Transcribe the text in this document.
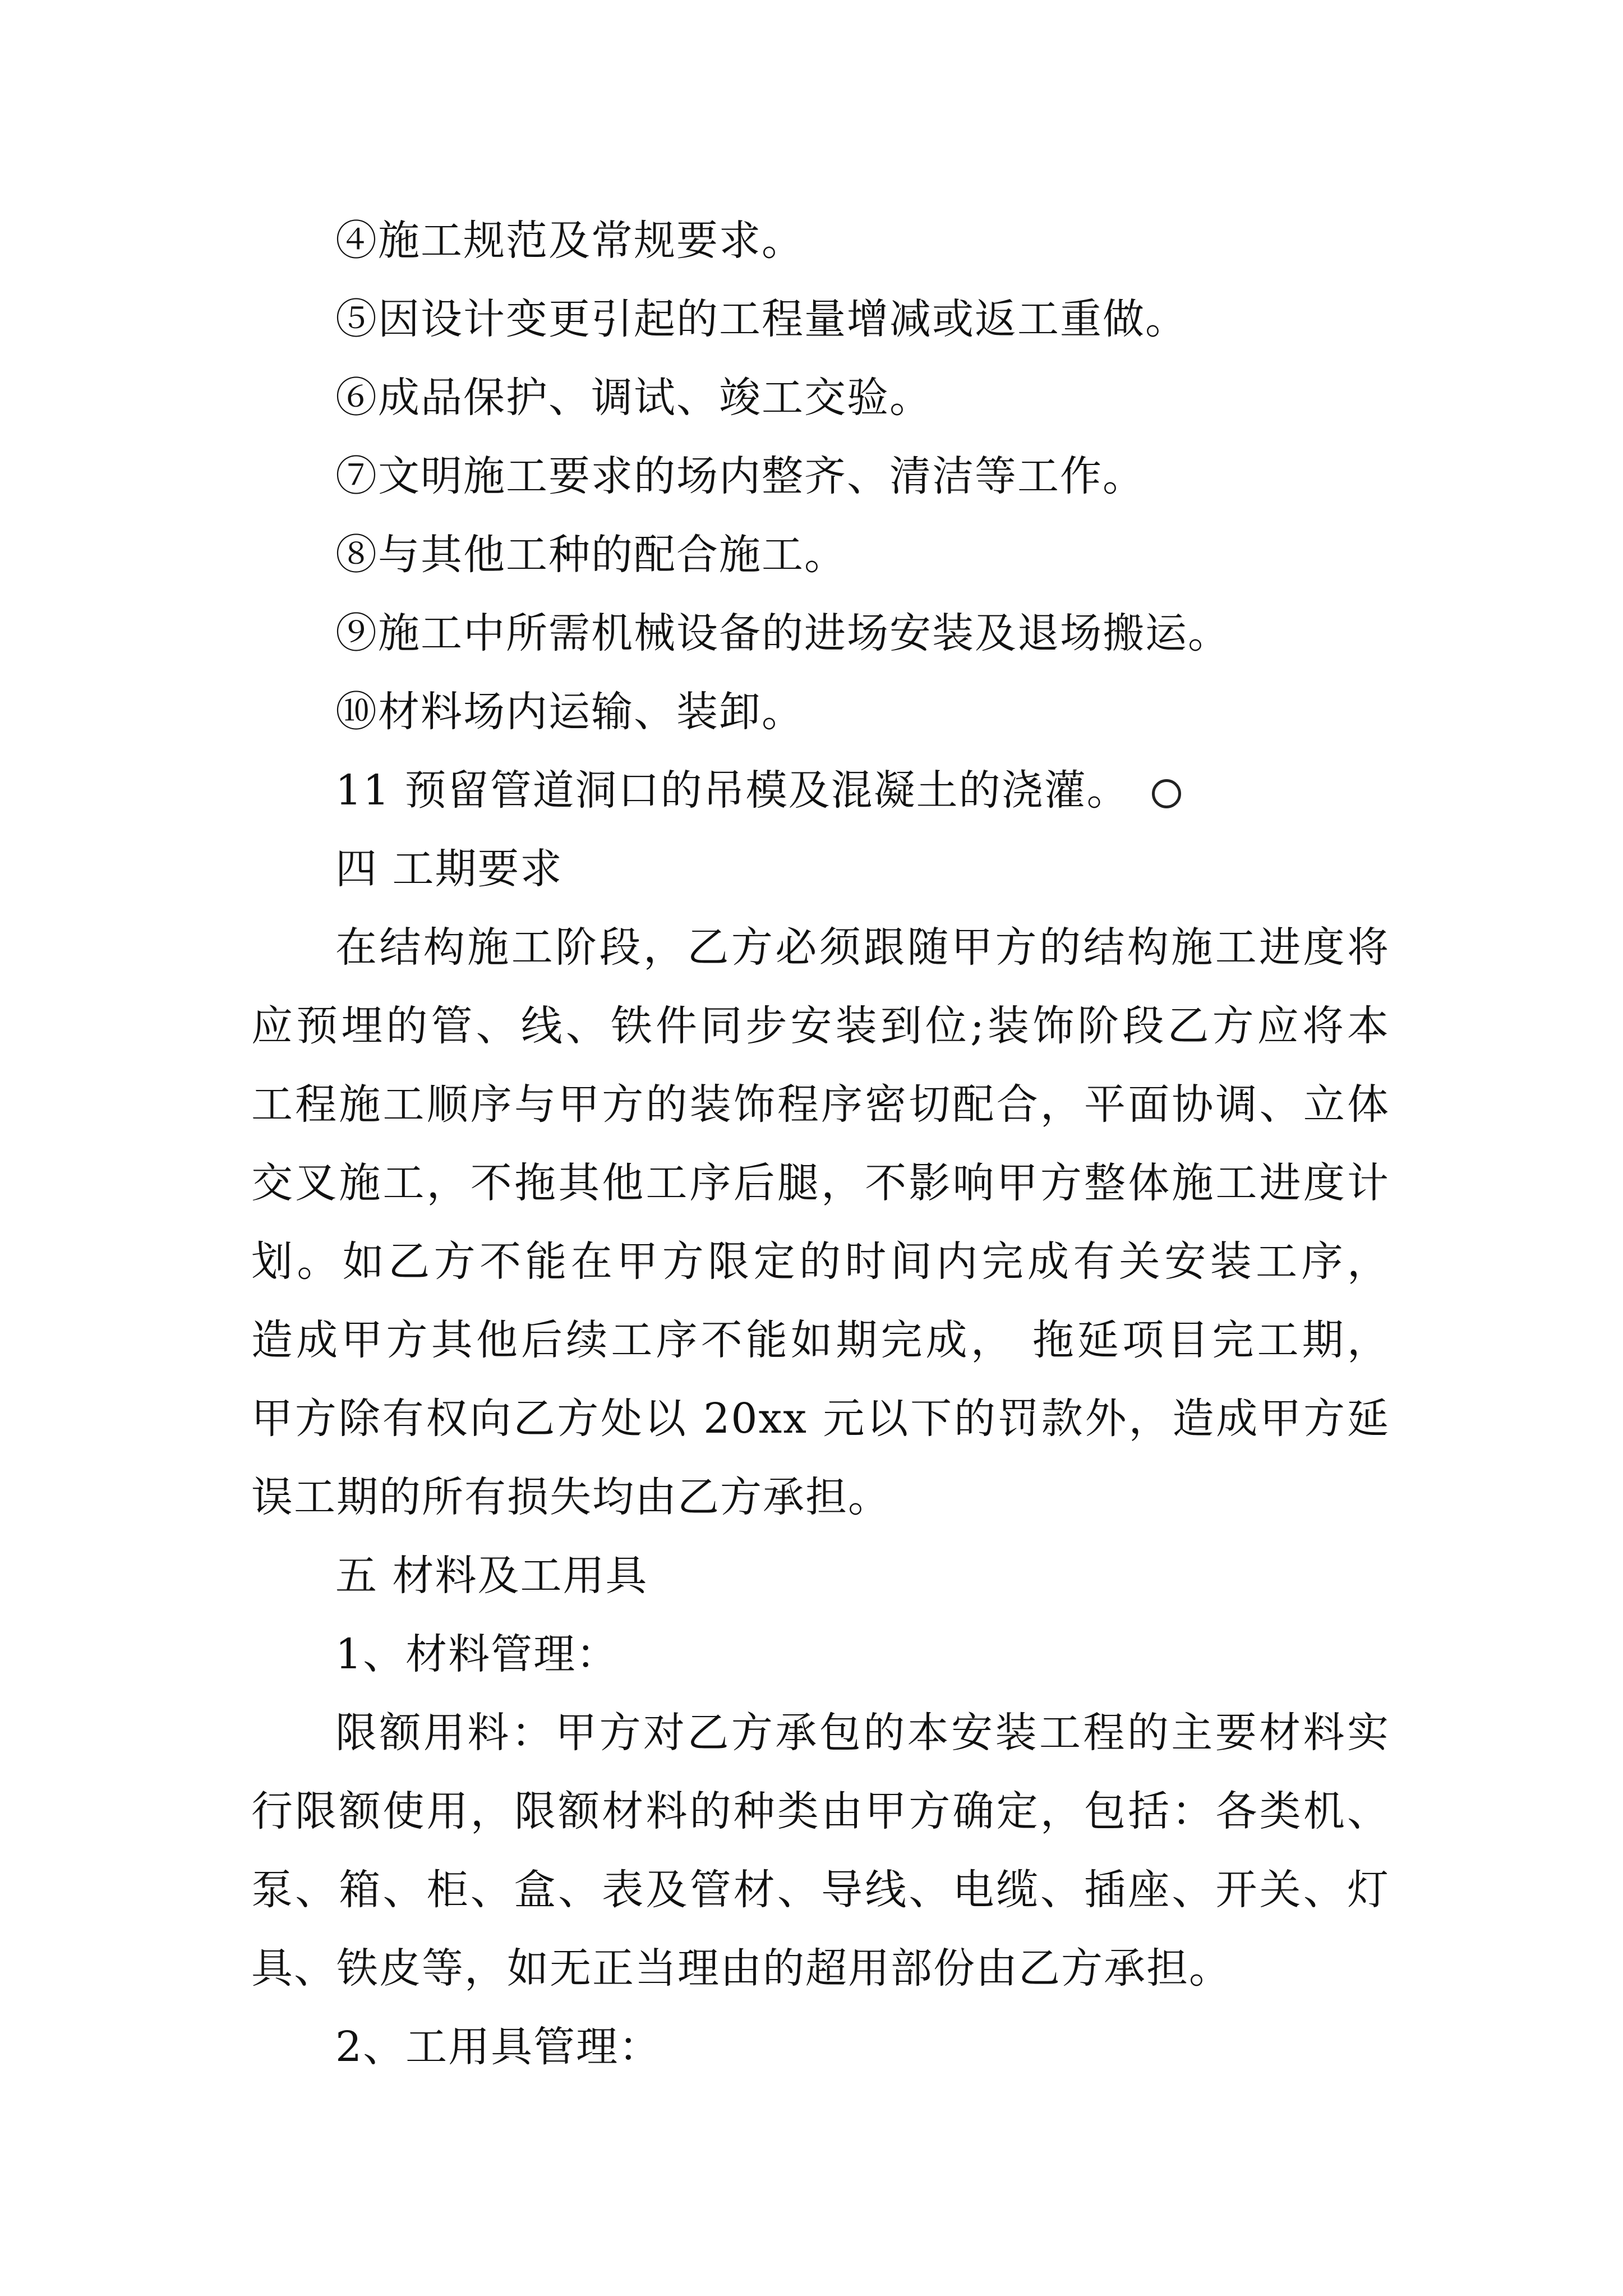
④施工规范及常规要求。
⑤因设计变更引起的工程量增减或返工重做。
⑥成品保护、调试、竣工交验。
⑦文明施工要求的场内整齐、清洁等工作。
⑧与其他工种的配合施工。
⑨施工中所需机械设备的进场安装及退场搬运。
⑩材料场内运输、装卸。
11 预留管道洞口的吊模及混凝土的浇灌。
四 工期要求
在结构施工阶段，乙方必须跟随甲方的结构施工进度将
应预埋的管、线、铁件同步安装到位;装饰阶段乙方应将本
工程施工顺序与甲方的装饰程序密切配合，平面协调、立体
交叉施工，不拖其他工序后腿，不影响甲方整体施工进度计
划。如乙方不能在甲方限定的时间内完成有关安装工序，
造成甲方其他后续工序不能如期完成， 拖延项目完工期，
甲方除有权向乙方处以 20xx 元以下的罚款外，造成甲方延
误工期的所有损失均由乙方承担。
五 材料及工用具
1、材料管理：
限额用料：甲方对乙方承包的本安装工程的主要材料实
行限额使用，限额材料的种类由甲方确定，包括：各类机、
泵、箱、柜、盒、表及管材、导线、电缆、插座、开关、灯
具、铁皮等，如无正当理由的超用部份由乙方承担。
2、工用具管理：
